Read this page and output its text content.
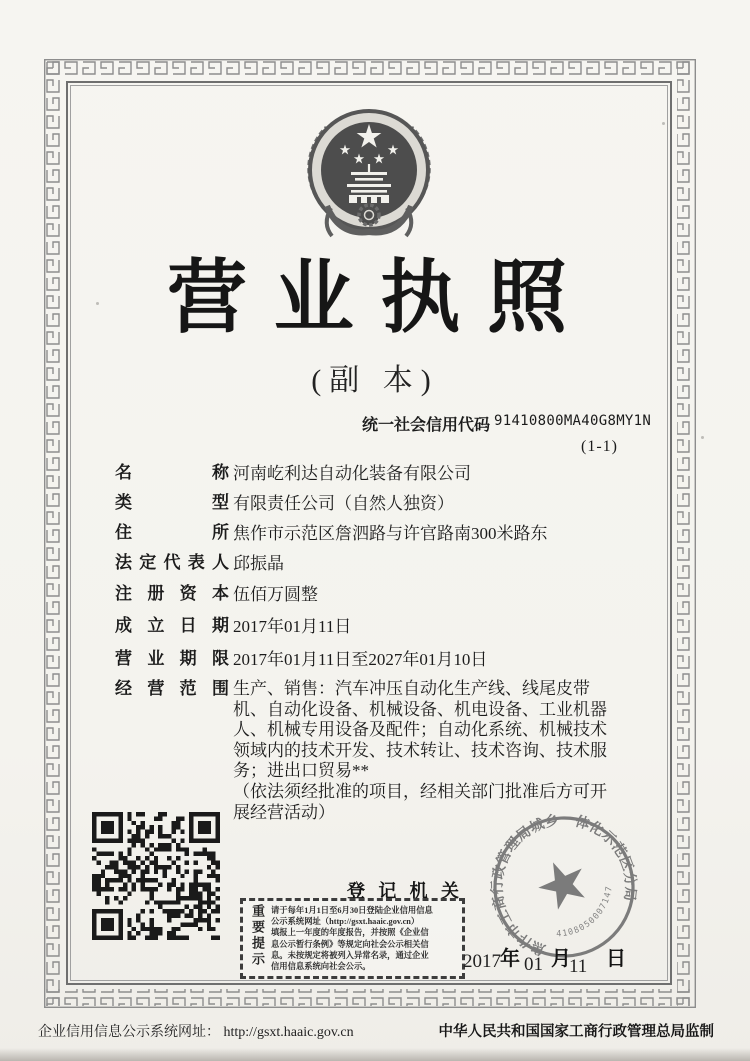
营 业 执 照
(副 本)
统一社会信用代码 91410800MA40G8MY1N
(1-1)
名	称 河南屹利达自动化装备有限公司
类	型 有限责任公司（自然人独资）
住	所 焦作市示范区詹泗路与许官路南300米路东
法 定 代 表 人 邱振晶
注 册 资 本 伍佰万圆整
成 立 日 期 2017年01月11日
营 业 期 限 2017年01月11日至2027年01月10日
经 营 范 围 生产、销售：汽车冲压自动化生产线、线尾皮带
机、自动化设备、机械设备、机电设备、工业机器
人、机械专用设备及配件；自动化系统、机械技术
领域内的技术开发、技术转让、技术咨询、技术服
务；进出口贸易**
（依法须经批准的项目，经相关部门批准后方可开
展经营活动）
登 记 机 关
重要提示 请于每年1月1日至6月30日登陆企业信用信息
公示系统网址（http://gsxt.haaic.gov.cn）
填报上一年度的年度报告，并按照《企业信
息公示暂行条例》等规定向社会公示相关信
息。未按规定将被列入异常名录，通过企业
信用信息系统向社会公示。
焦作市工商行政管理局城乡一体化示范区分局
4108050007147
2017 年 01 月
11 日
企业信用信息公示系统网址： http://gsxt.haaic.gov.cn	中华人民共和国国家工商行政管理总局监制
